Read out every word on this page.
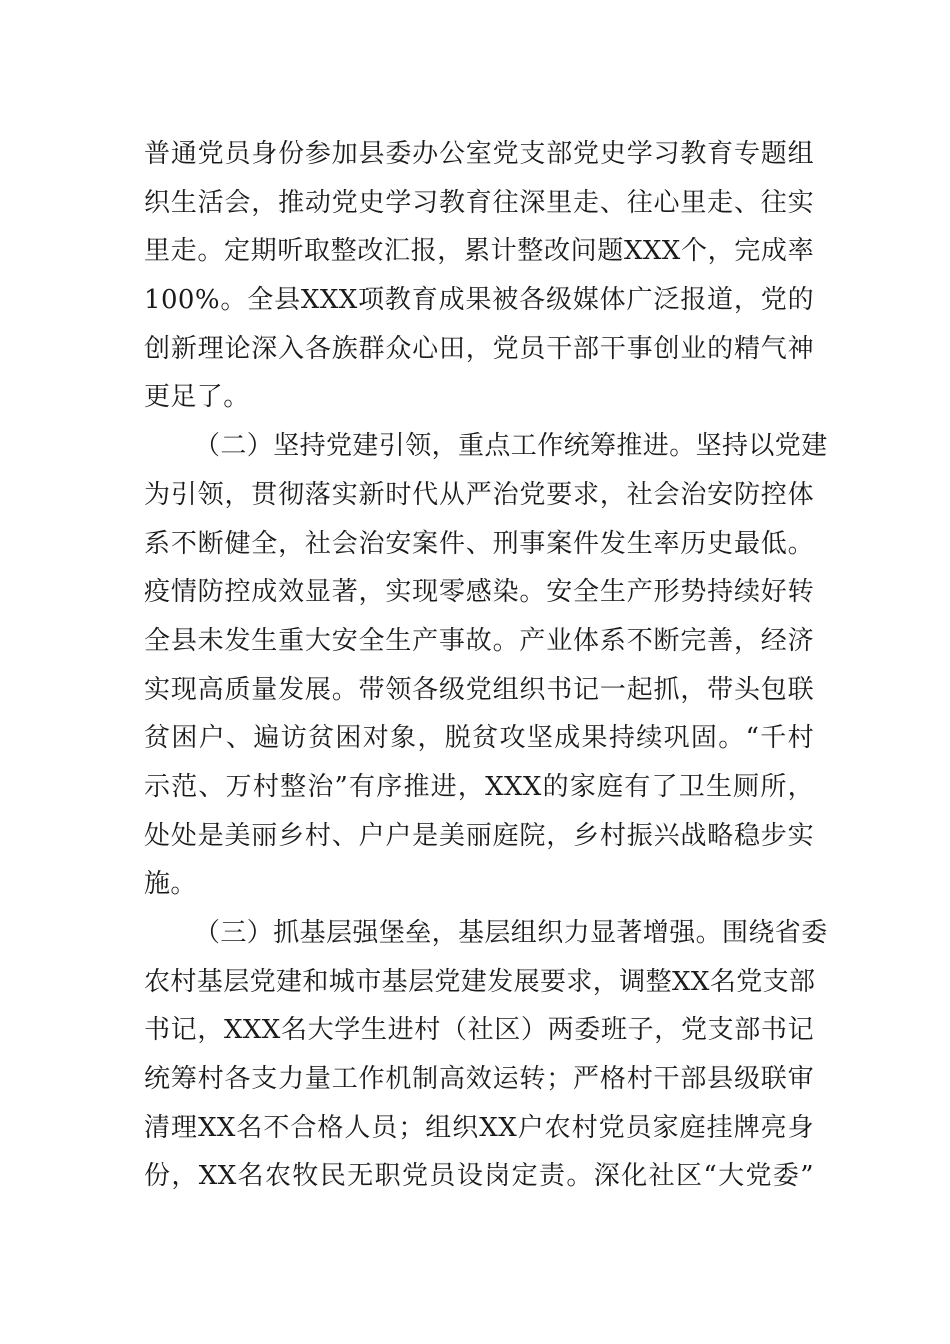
普通党员身份参加县委办公室党支部党史学习教育专题组
织生活会，推动党史学习教育往深里走、往心里走、往实
里走。定期听取整改汇报，累计整改问题XXX个，完成率
100%。全县XXX项教育成果被各级媒体广泛报道，党的
创新理论深入各族群众心田，党员干部干事创业的精气神
更足了。
（二）坚持党建引领，重点工作统筹推进。坚持以党建
为引领，贯彻落实新时代从严治党要求，社会治安防控体
系不断健全，社会治安案件、刑事案件发生率历史最低。
疫情防控成效显著，实现零感染。安全生产形势持续好转
全县未发生重大安全生产事故。产业体系不断完善，经济
实现高质量发展。带领各级党组织书记一起抓，带头包联
贫困户、遍访贫困对象，脱贫攻坚成果持续巩固。“千村
示范、万村整治”有序推进，XXX的家庭有了卫生厕所，
处处是美丽乡村、户户是美丽庭院，乡村振兴战略稳步实
施。
（三）抓基层强堡垒，基层组织力显著增强。围绕省委
农村基层党建和城市基层党建发展要求，调整XX名党支部
书记，XXX名大学生进村（社区）两委班子，党支部书记
统筹村各支力量工作机制高效运转；严格村干部县级联审
清理XX名不合格人员；组织XX户农村党员家庭挂牌亮身
份，XX名农牧民无职党员设岗定责。深化社区“大党委”
